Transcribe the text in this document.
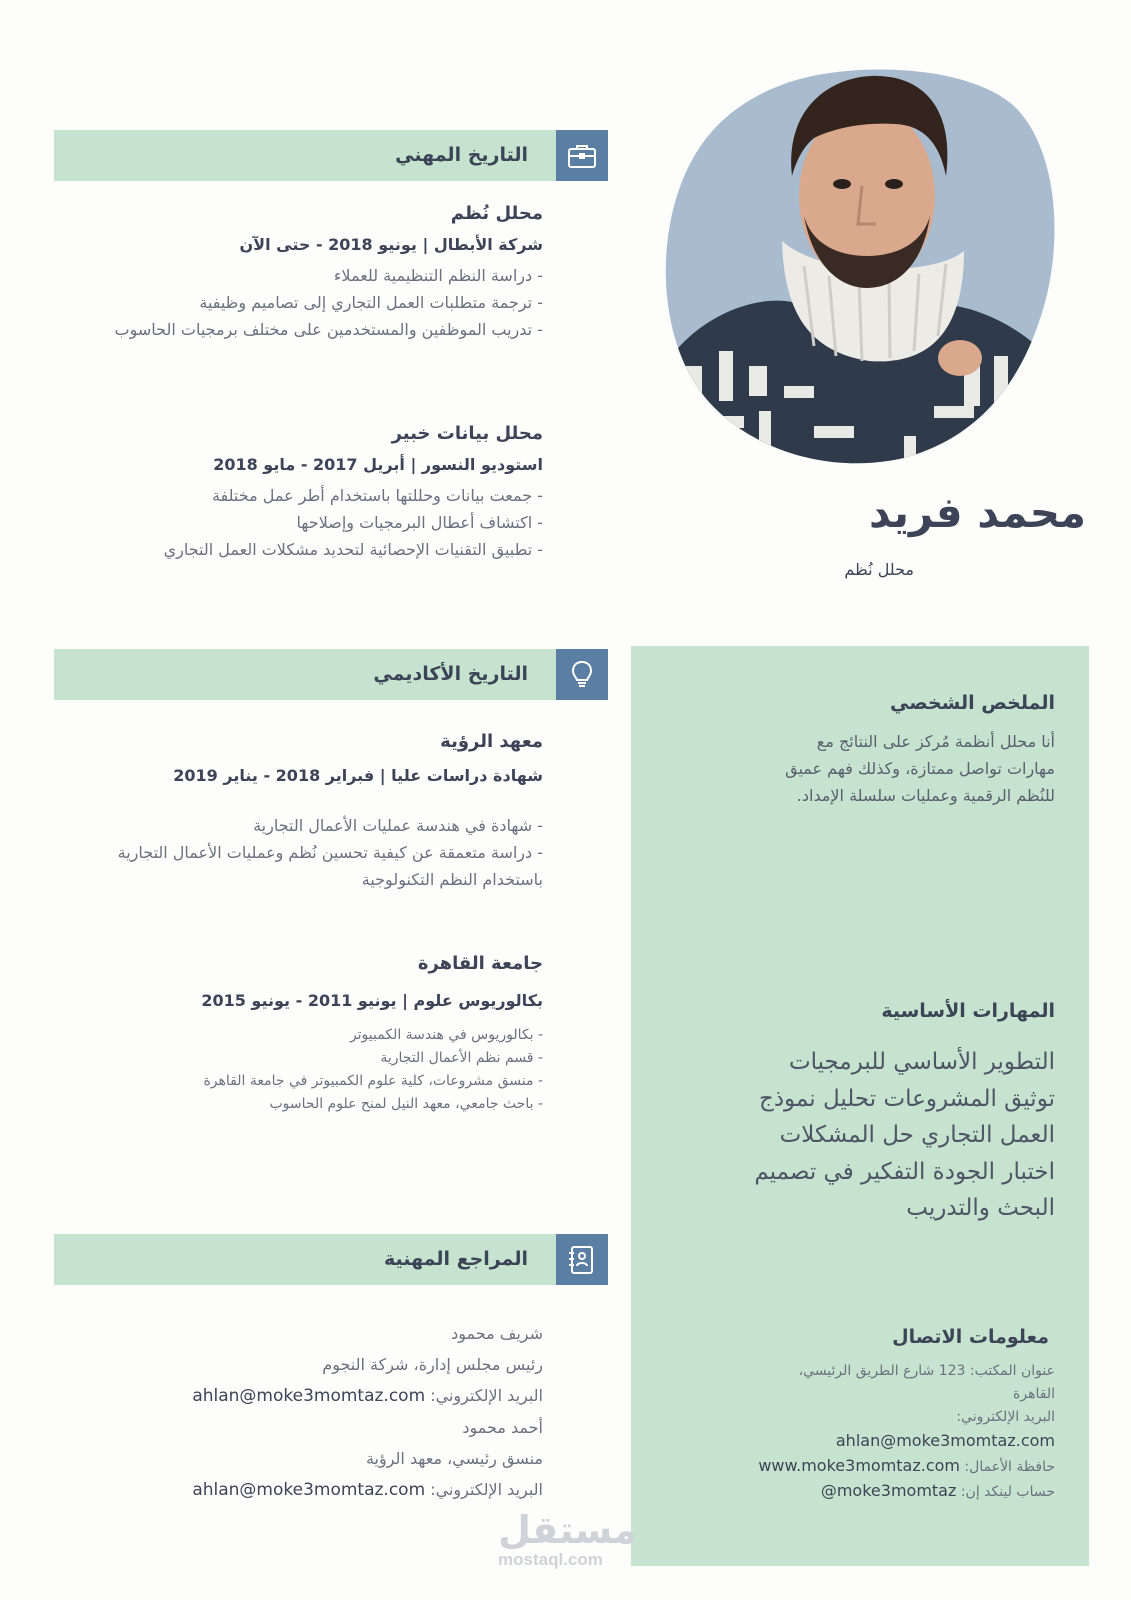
محمد فريد
محلل نُظم
التاريخ المهني
محلل نُظم
شركة الأبطال | يونيو 2018 - حتى الآن
- دراسة النظم التنظيمية للعملاء
- ترجمة متطلبات العمل التجاري إلى تصاميم وظيفية
- تدريب الموظفين والمستخدمين على مختلف برمجيات الحاسوب
محلل بيانات خبير
استوديو النسور | أبريل 2017 - مايو 2018
- جمعت بيانات وحللتها باستخدام أطر عمل مختلفة
- اكتشاف أعطال البرمجيات وإصلاحها
- تطبيق التقنيات الإحصائية لتحديد مشكلات العمل التجاري
التاريخ الأكاديمي
معهد الرؤية
شهادة دراسات عليا | فبراير 2018 - يناير 2019
- شهادة في هندسة عمليات الأعمال التجارية
- دراسة متعمقة عن كيفية تحسين نُظم وعمليات الأعمال التجارية
باستخدام النظم التكنولوجية
جامعة القاهرة
بكالوريوس علوم | يونيو 2011 - يونيو 2015
- بكالوريوس في هندسة الكمبيوتر
- قسم نظم الأعمال التجارية
- منسق مشروعات، كلية علوم الكمبيوتر في جامعة القاهرة
- باحث جامعي، معهد النيل لمنح علوم الحاسوب
المراجع المهنية
شريف محمود
رئيس مجلس إدارة، شركة النجوم
البريد الإلكتروني: ahlan@moke3momtaz.com
أحمد محمود
منسق رئيسي، معهد الرؤية
البريد الإلكتروني: ahlan@moke3momtaz.com
الملخص الشخصي
أنا محلل أنظمة مُركز على النتائج مع
مهارات تواصل ممتازة، وكذلك فهم عميق
للنُظم الرقمية وعمليات سلسلة الإمداد.
المهارات الأساسية
التطوير الأساسي للبرمجيات
توثيق المشروعات تحليل نموذج
العمل التجاري حل المشكلات
اختبار الجودة التفكير في تصميم
البحث والتدريب
معلومات الاتصال
عنوان المكتب: 123 شارع الطريق الرئيسي،
القاهرة
البريد الإلكتروني:
ahlan@moke3momtaz.com
حافظة الأعمال: www.moke3momtaz.com
حساب لينكد إن: @moke3momtaz
مستقل
mostaql.com
